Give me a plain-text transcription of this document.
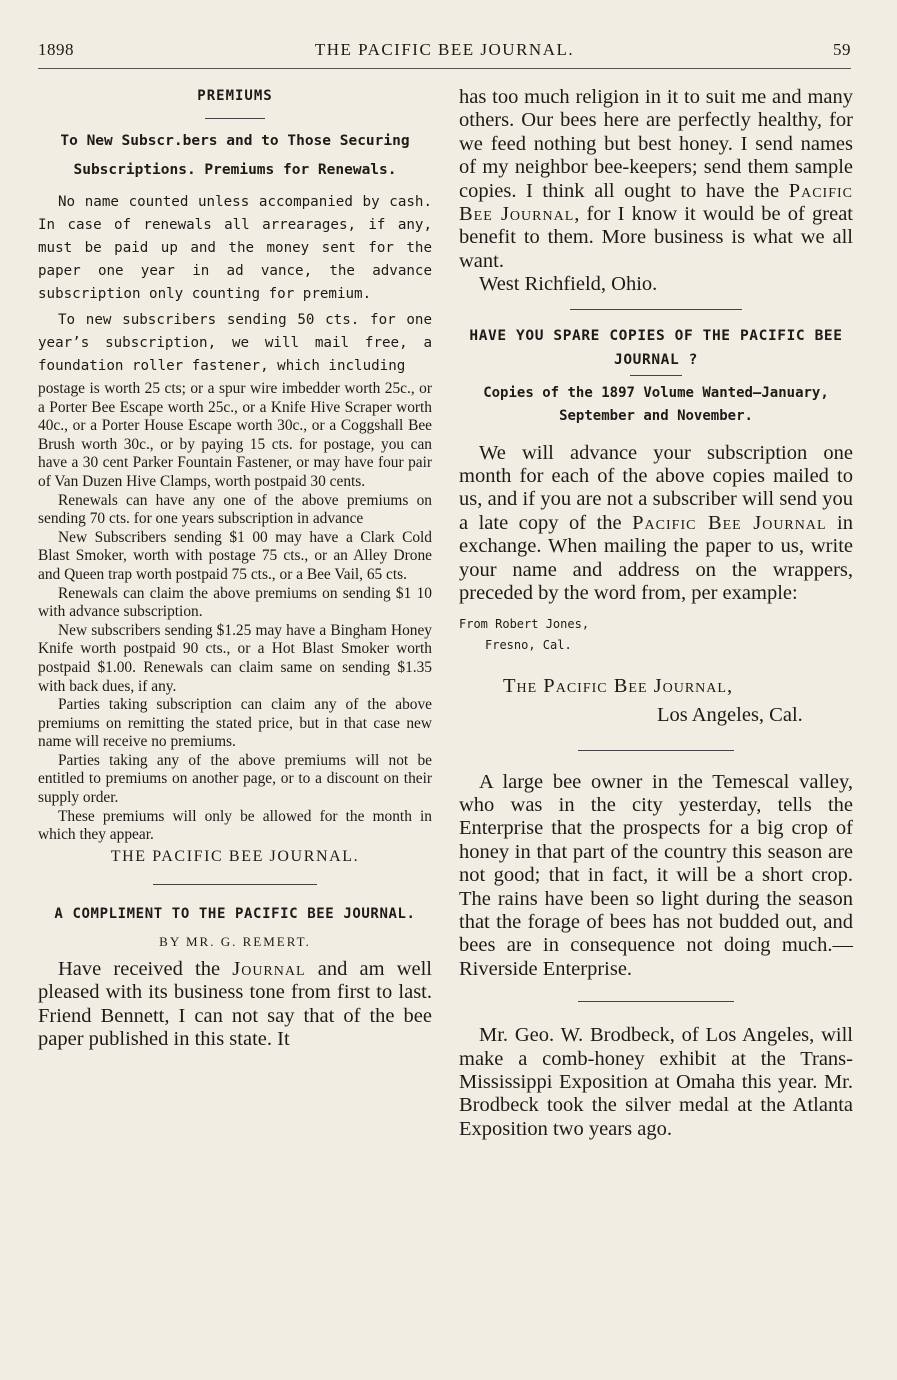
1898	THE PACIFIC BEE JOURNAL.	59
PREMIUMS
To New Subscr.bers and to Those Securing Subscriptions. Premiums for Renewals.

No name counted unless accompanied by cash. In case of renewals all arrearages, if any, must be paid up and the money sent for the paper one year in ad vance, the advance subscription only counting for premium.

To new subscribers sending 50 cts. for one year’s subscription, we will mail free, a foundation roller fastener, which including

postage is worth 25 cts; or a spur wire imbedder worth 25c., or a Porter Bee Escape worth 25c., or a Knife Hive Scraper worth 40c., or a Porter House Escape worth 30c., or a Coggshall Bee Brush worth 30c., or by paying 15 cts. for postage, you can have a 30 cent Parker Fountain Fastener, or may have four pair of Van Duzen Hive Clamps, worth postpaid 30 cents.

Renewals can have any one of the above premiums on sending 70 cts. for one years subscription in advance

New Subscribers sending $1 00 may have a Clark Cold Blast Smoker, worth with postage 75 cts., or an Alley Drone and Queen trap worth postpaid 75 cts., or a Bee Vail, 65 cts.

Renewals can claim the above premiums on sending $1 10 with advance subscription.

New subscribers sending $1.25 may have a Bingham Honey Knife worth postpaid 90 cts., or a Hot Blast Smoker worth postpaid $1.00. Renewals can claim same on sending $1.35 with back dues, if any.

Parties taking subscription can claim any of the above premiums on remitting the stated price, but in that case new name will receive no premiums.

Parties taking any of the above premiums will not be entitled to premiums on another page, or to a discount on their supply order.

These premiums will only be allowed for the month in which they appear.

THE PACIFIC BEE JOURNAL.
A COMPLIMENT TO THE PACIFIC BEE JOURNAL.
BY MR. G. REMERT.

Have received the Journal and am well pleased with its business tone from first to last. Friend Bennett, I can not say that of the bee paper published in this state. It

has too much religion in it to suit me and many others. Our bees here are perfectly healthy, for we feed nothing but best honey. I send names of my neighbor bee-keepers; send them sample copies. I think all ought to have the Pacific Bee Journal, for I know it would be of great benefit to them. More business is what we all want.

West Richfield, Ohio.

HAVE YOU SPARE COPIES OF THE PACIFIC BEE JOURNAL ?
Copies of the 1897 Volume Wanted—January, September and November.

We will advance your subscription one month for each of the above copies mailed to us, and if you are not a subscriber will send you a late copy of the Pacific Bee Journal in exchange. When mailing the paper to us, write your name and address on the wrappers, preceded by the word from, per example:

From Robert Jones,
Fresno, Cal.
The Pacific Bee Journal,
Los Angeles, Cal.

A large bee owner in the Temescal valley, who was in the city yesterday, tells the Enterprise that the prospects for a big crop of honey in that part of the country this season are not good; that in fact, it will be a short crop. The rains have been so light during the season that the forage of bees has not budded out, and bees are in consequence not doing much.—Riverside Enterprise.

Mr. Geo. W. Brodbeck, of Los Angeles, will make a comb-honey exhibit at the Trans-Mississippi Exposition at Omaha this year. Mr. Brodbeck took the silver medal at the Atlanta Exposition two years ago.
